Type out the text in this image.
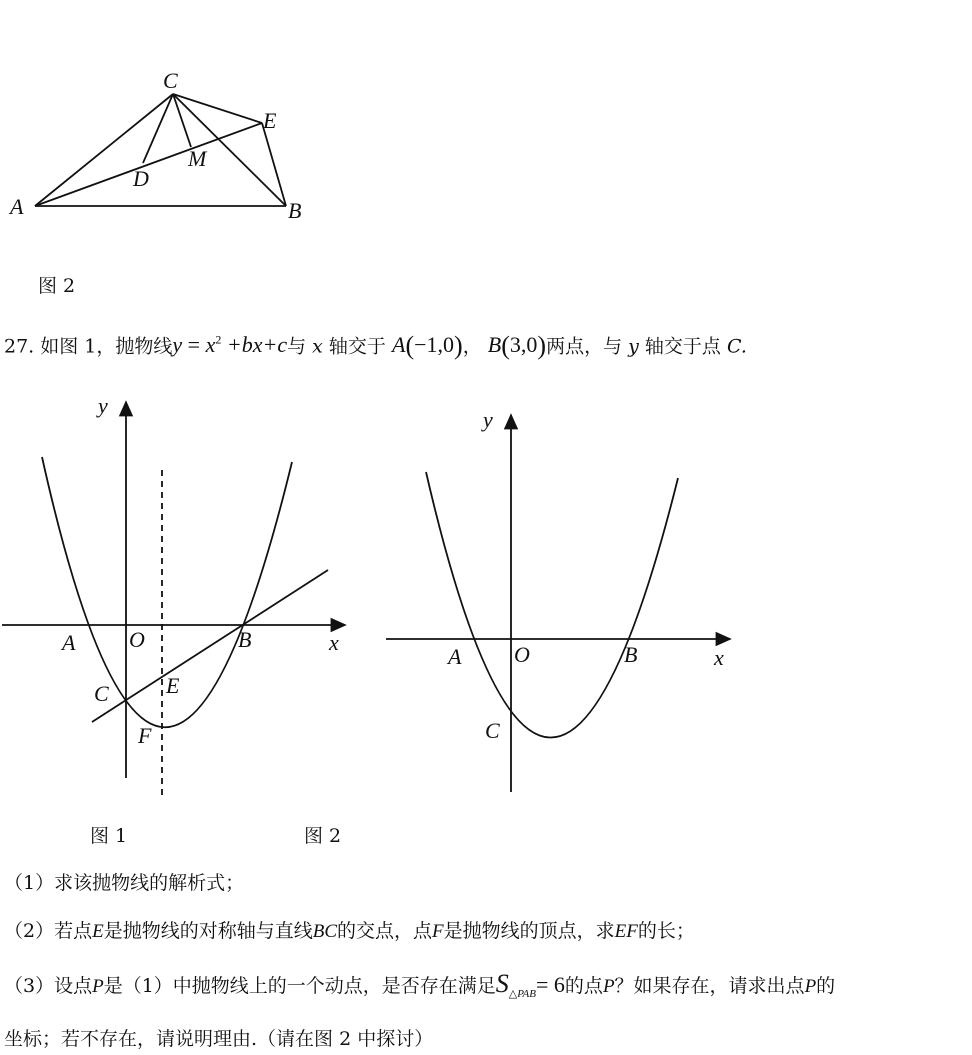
C
E
M
D
A	B
图 2
27. 如图 1，抛物线$y = x^2 +bx+c$与 x 轴交于 A(−1,0)， B(3,0)两点，与 y 轴交于点 C.
y
x
A O	B
C	E
F
y
x
A O	B
C
图 1	图 2
（1）求该抛物线的解析式；
（2）若点E是抛物线的对称轴与直线BC的交点，点F是抛物线的顶点，求EF的长；
（3）设点P是（1）中抛物线上的一个动点，是否存在满足$S_{\triangle PAB}= 6$的点P？如果存在，请求出点P的
坐标；若不存在，请说明理由.（请在图 2 中探讨）
